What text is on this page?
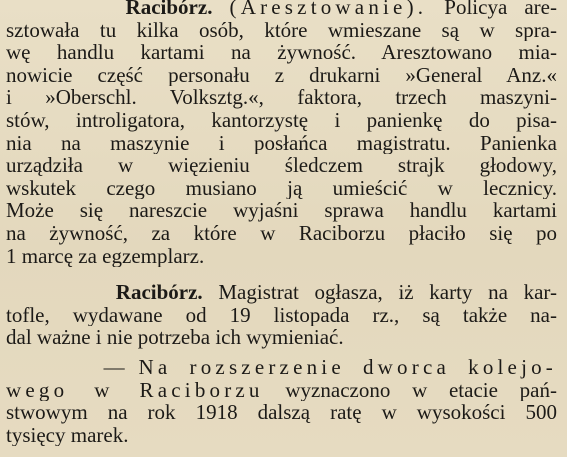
Racibórz. (Aresztowanie). Policya are-
sztowała tu kilka osób, które wmieszane są w spra-
wę handlu kartami na żywność. Aresztowano mia-
nowicie część personału z drukarni »General Anz.«
i »Oberschl. Volksztg.«, faktora, trzech maszyni-
stów, introligatora, kantorzystę i panienkę do pisa-
nia na maszynie i posłańca magistratu. Panienka
urządziła w więzieniu śledczem strajk głodowy,
wskutek czego musiano ją umieścić w lecznicy.
Może się nareszcie wyjaśni sprawa handlu kartami
na żywność, za które w Raciborzu płaciło się po
1 marcę za egzemplarz.
Racibórz. Magistrat ogłasza, iż karty na kar-
tofle, wydawane od 19 listopada rz., są także na-
dal ważne i nie potrzeba ich wymieniać.
— Na rozszerzenie dworca kolejo-
wego w Raciborzu wyznaczono w etacie pań-
stwowym na rok 1918 dalszą ratę w wysokości 500
tysięcy marek.
